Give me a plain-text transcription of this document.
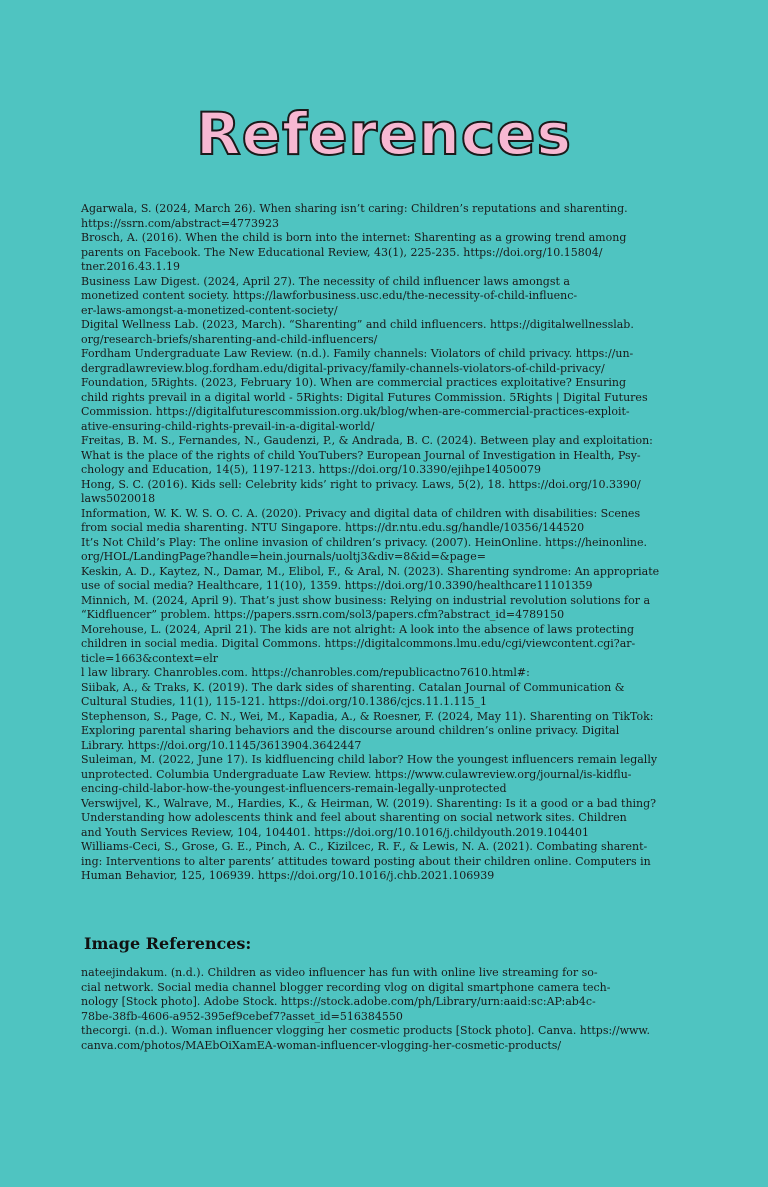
References

Agarwala, S. (2024, March 26). When sharing isn’t caring: Children’s reputations and sharenting.
https://ssrn.com/abstract=4773923

Brosch, A. (2016). When the child is born into the internet: Sharenting as a growing trend among
parents on Facebook. The New Educational Review, 43(1), 225-235. https://doi.org/10.15804/
tner.2016.43.1.19

Business Law Digest. (2024, April 27). The necessity of child influencer laws amongst a
monetized content society. https://lawforbusiness.usc.edu/the-necessity-of-child-influenc-
er-laws-amongst-a-monetized-content-society/

Digital Wellness Lab. (2023, March). “Sharenting” and child influencers. https://digitalwellnesslab.
org/research-briefs/sharenting-and-child-influencers/

Fordham Undergraduate Law Review. (n.d.). Family channels: Violators of child privacy. https://un-
dergradlawreview.blog.fordham.edu/digital-privacy/family-channels-violators-of-child-privacy/

Foundation, 5Rights. (2023, February 10). When are commercial practices exploitative? Ensuring
child rights prevail in a digital world - 5Rights: Digital Futures Commission. 5Rights | Digital Futures
Commission. https://digitalfuturescommission.org.uk/blog/when-are-commercial-practices-exploit-
ative-ensuring-child-rights-prevail-in-a-digital-world/

Freitas, B. M. S., Fernandes, N., Gaudenzi, P., & Andrada, B. C. (2024). Between play and exploitation:
What is the place of the rights of child YouTubers? European Journal of Investigation in Health, Psy-
chology and Education, 14(5), 1197-1213. https://doi.org/10.3390/ejihpe14050079

Hong, S. C. (2016). Kids sell: Celebrity kids’ right to privacy. Laws, 5(2), 18. https://doi.org/10.3390/
laws5020018

Information, W. K. W. S. O. C. A. (2020). Privacy and digital data of children with disabilities: Scenes
from social media sharenting. NTU Singapore. https://dr.ntu.edu.sg/handle/10356/144520

It’s Not Child’s Play: The online invasion of children’s privacy. (2007). HeinOnline. https://heinonline.
org/HOL/LandingPage?handle=hein.journals/uoltj3&div=8&id=&page=

Keskin, A. D., Kaytez, N., Damar, M., Elibol, F., & Aral, N. (2023). Sharenting syndrome: An appropriate
use of social media? Healthcare, 11(10), 1359. https://doi.org/10.3390/healthcare11101359

Minnich, M. (2024, April 9). That’s just show business: Relying on industrial revolution solutions for a
“Kidfluencer” problem. https://papers.ssrn.com/sol3/papers.cfm?abstract_id=4789150

Morehouse, L. (2024, April 21). The kids are not alright: A look into the absence of laws protecting
children in social media. Digital Commons. https://digitalcommons.lmu.edu/cgi/viewcontent.cgi?ar-
ticle=1663&context=elr

l law library. Chanrobles.com. https://chanrobles.com/republicactno7610.html#:

Siibak, A., & Traks, K. (2019). The dark sides of sharenting. Catalan Journal of Communication &
Cultural Studies, 11(1), 115-121. https://doi.org/10.1386/cjcs.11.1.115_1

Stephenson, S., Page, C. N., Wei, M., Kapadia, A., & Roesner, F. (2024, May 11). Sharenting on TikTok:
Exploring parental sharing behaviors and the discourse around children’s online privacy. Digital
Library. https://doi.org/10.1145/3613904.3642447

Suleiman, M. (2022, June 17). Is kidfluencing child labor? How the youngest influencers remain legally
unprotected. Columbia Undergraduate Law Review. https://www.culawreview.org/journal/is-kidflu-
encing-child-labor-how-the-youngest-influencers-remain-legally-unprotected

Verswijvel, K., Walrave, M., Hardies, K., & Heirman, W. (2019). Sharenting: Is it a good or a bad thing?
Understanding how adolescents think and feel about sharenting on social network sites. Children
and Youth Services Review, 104, 104401. https://doi.org/10.1016/j.childyouth.2019.104401

Williams-Ceci, S., Grose, G. E., Pinch, A. C., Kizilcec, R. F., & Lewis, N. A. (2021). Combating sharent-
ing: Interventions to alter parents’ attitudes toward posting about their children online. Computers in
Human Behavior, 125, 106939. https://doi.org/10.1016/j.chb.2021.106939

Image References:

nateejindakum. (n.d.). Children as video influencer has fun with online live streaming for so-
cial network. Social media channel blogger recording vlog on digital smartphone camera tech-
nology [Stock photo]. Adobe Stock. https://stock.adobe.com/ph/Library/urn:aaid:sc:AP:ab4c-
78be-38fb-4606-a952-395ef9cebef7?asset_id=516384550

thecorgi. (n.d.). Woman influencer vlogging her cosmetic products [Stock photo]. Canva. https://www.
canva.com/photos/MAEbOiXamEA-woman-influencer-vlogging-her-cosmetic-products/
